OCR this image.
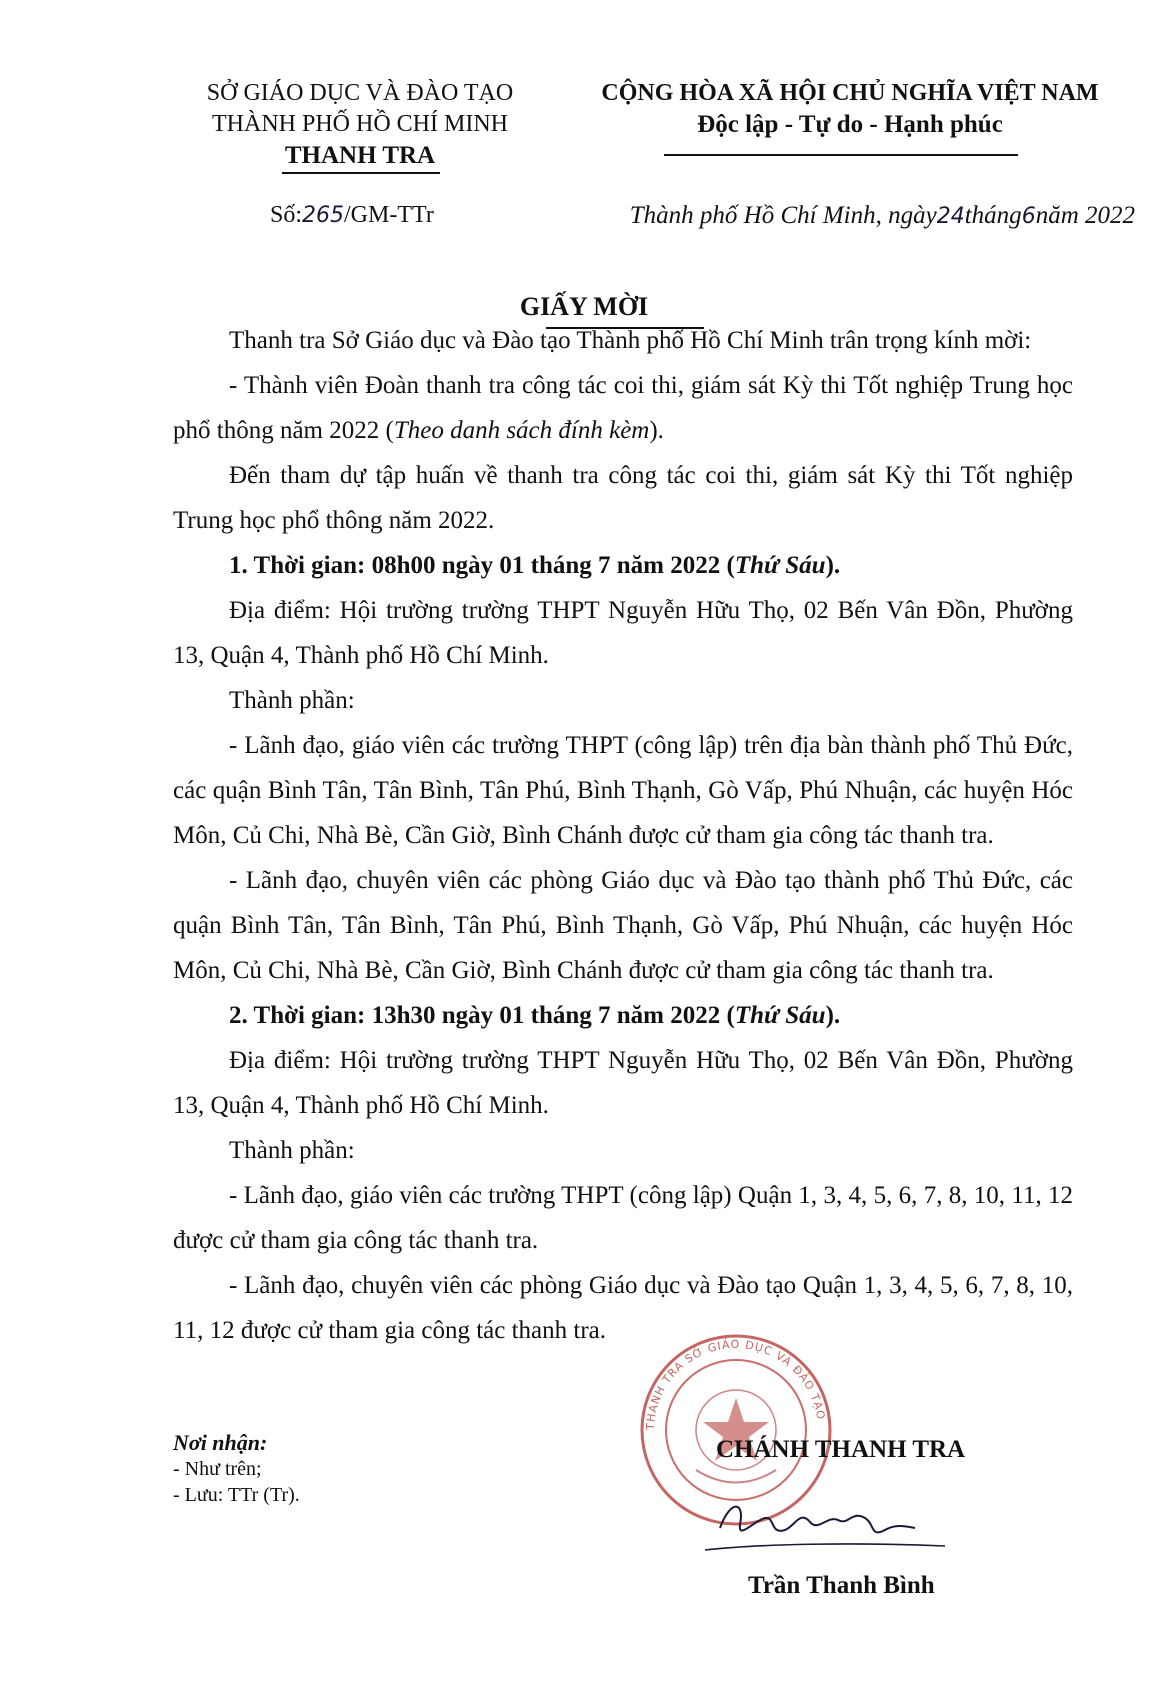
SỞ GIÁO DỤC VÀ ĐÀO TẠO
THÀNH PHỐ HỒ CHÍ MINH
THANH TRA
Số:265/GM-TTr
CỘNG HÒA XÃ HỘI CHỦ NGHĨA VIỆT NAM
Độc lập - Tự do - Hạnh phúc
Thành phố Hồ Chí Minh, ngày24tháng6năm 2022
GIẤY MỜI

Thanh tra Sở Giáo dục và Đào tạo Thành phố Hồ Chí Minh trân trọng kính mời:

- Thành viên Đoàn thanh tra công tác coi thi, giám sát Kỳ thi Tốt nghiệp Trung học phổ thông năm 2022 (Theo danh sách đính kèm).

Đến tham dự tập huấn về thanh tra công tác coi thi, giám sát Kỳ thi Tốt nghiệp Trung học phổ thông năm 2022.

1. Thời gian: 08h00 ngày 01 tháng 7 năm 2022 (Thứ Sáu).

Địa điểm: Hội trường trường THPT Nguyễn Hữu Thọ, 02 Bến Vân Đồn, Phường 13, Quận 4, Thành phố Hồ Chí Minh.

Thành phần:

- Lãnh đạo, giáo viên các trường THPT (công lập) trên địa bàn thành phố Thủ Đức, các quận Bình Tân, Tân Bình, Tân Phú, Bình Thạnh, Gò Vấp, Phú Nhuận, các huyện Hóc Môn, Củ Chi, Nhà Bè, Cần Giờ, Bình Chánh được cử tham gia công tác thanh tra.

- Lãnh đạo, chuyên viên các phòng Giáo dục và Đào tạo thành phố Thủ Đức, các quận Bình Tân, Tân Bình, Tân Phú, Bình Thạnh, Gò Vấp, Phú Nhuận, các huyện Hóc Môn, Củ Chi, Nhà Bè, Cần Giờ, Bình Chánh được cử tham gia công tác thanh tra.

2. Thời gian: 13h30 ngày 01 tháng 7 năm 2022 (Thứ Sáu).

Địa điểm: Hội trường trường THPT Nguyễn Hữu Thọ, 02 Bến Vân Đồn, Phường 13, Quận 4, Thành phố Hồ Chí Minh.

Thành phần:

- Lãnh đạo, giáo viên các trường THPT (công lập) Quận 1, 3, 4, 5, 6, 7, 8, 10, 11, 12 được cử tham gia công tác thanh tra.

- Lãnh đạo, chuyên viên các phòng Giáo dục và Đào tạo Quận 1, 3, 4, 5, 6, 7, 8, 10, 11, 12 được cử tham gia công tác thanh tra.

Nơi nhận:
- Như trên;
- Lưu: TTr (Tr).
THANH TRA SỞ GIÁO DỤC VÀ ĐÀO TẠO
CHÁNH THANH TRA
Trần Thanh Bình
